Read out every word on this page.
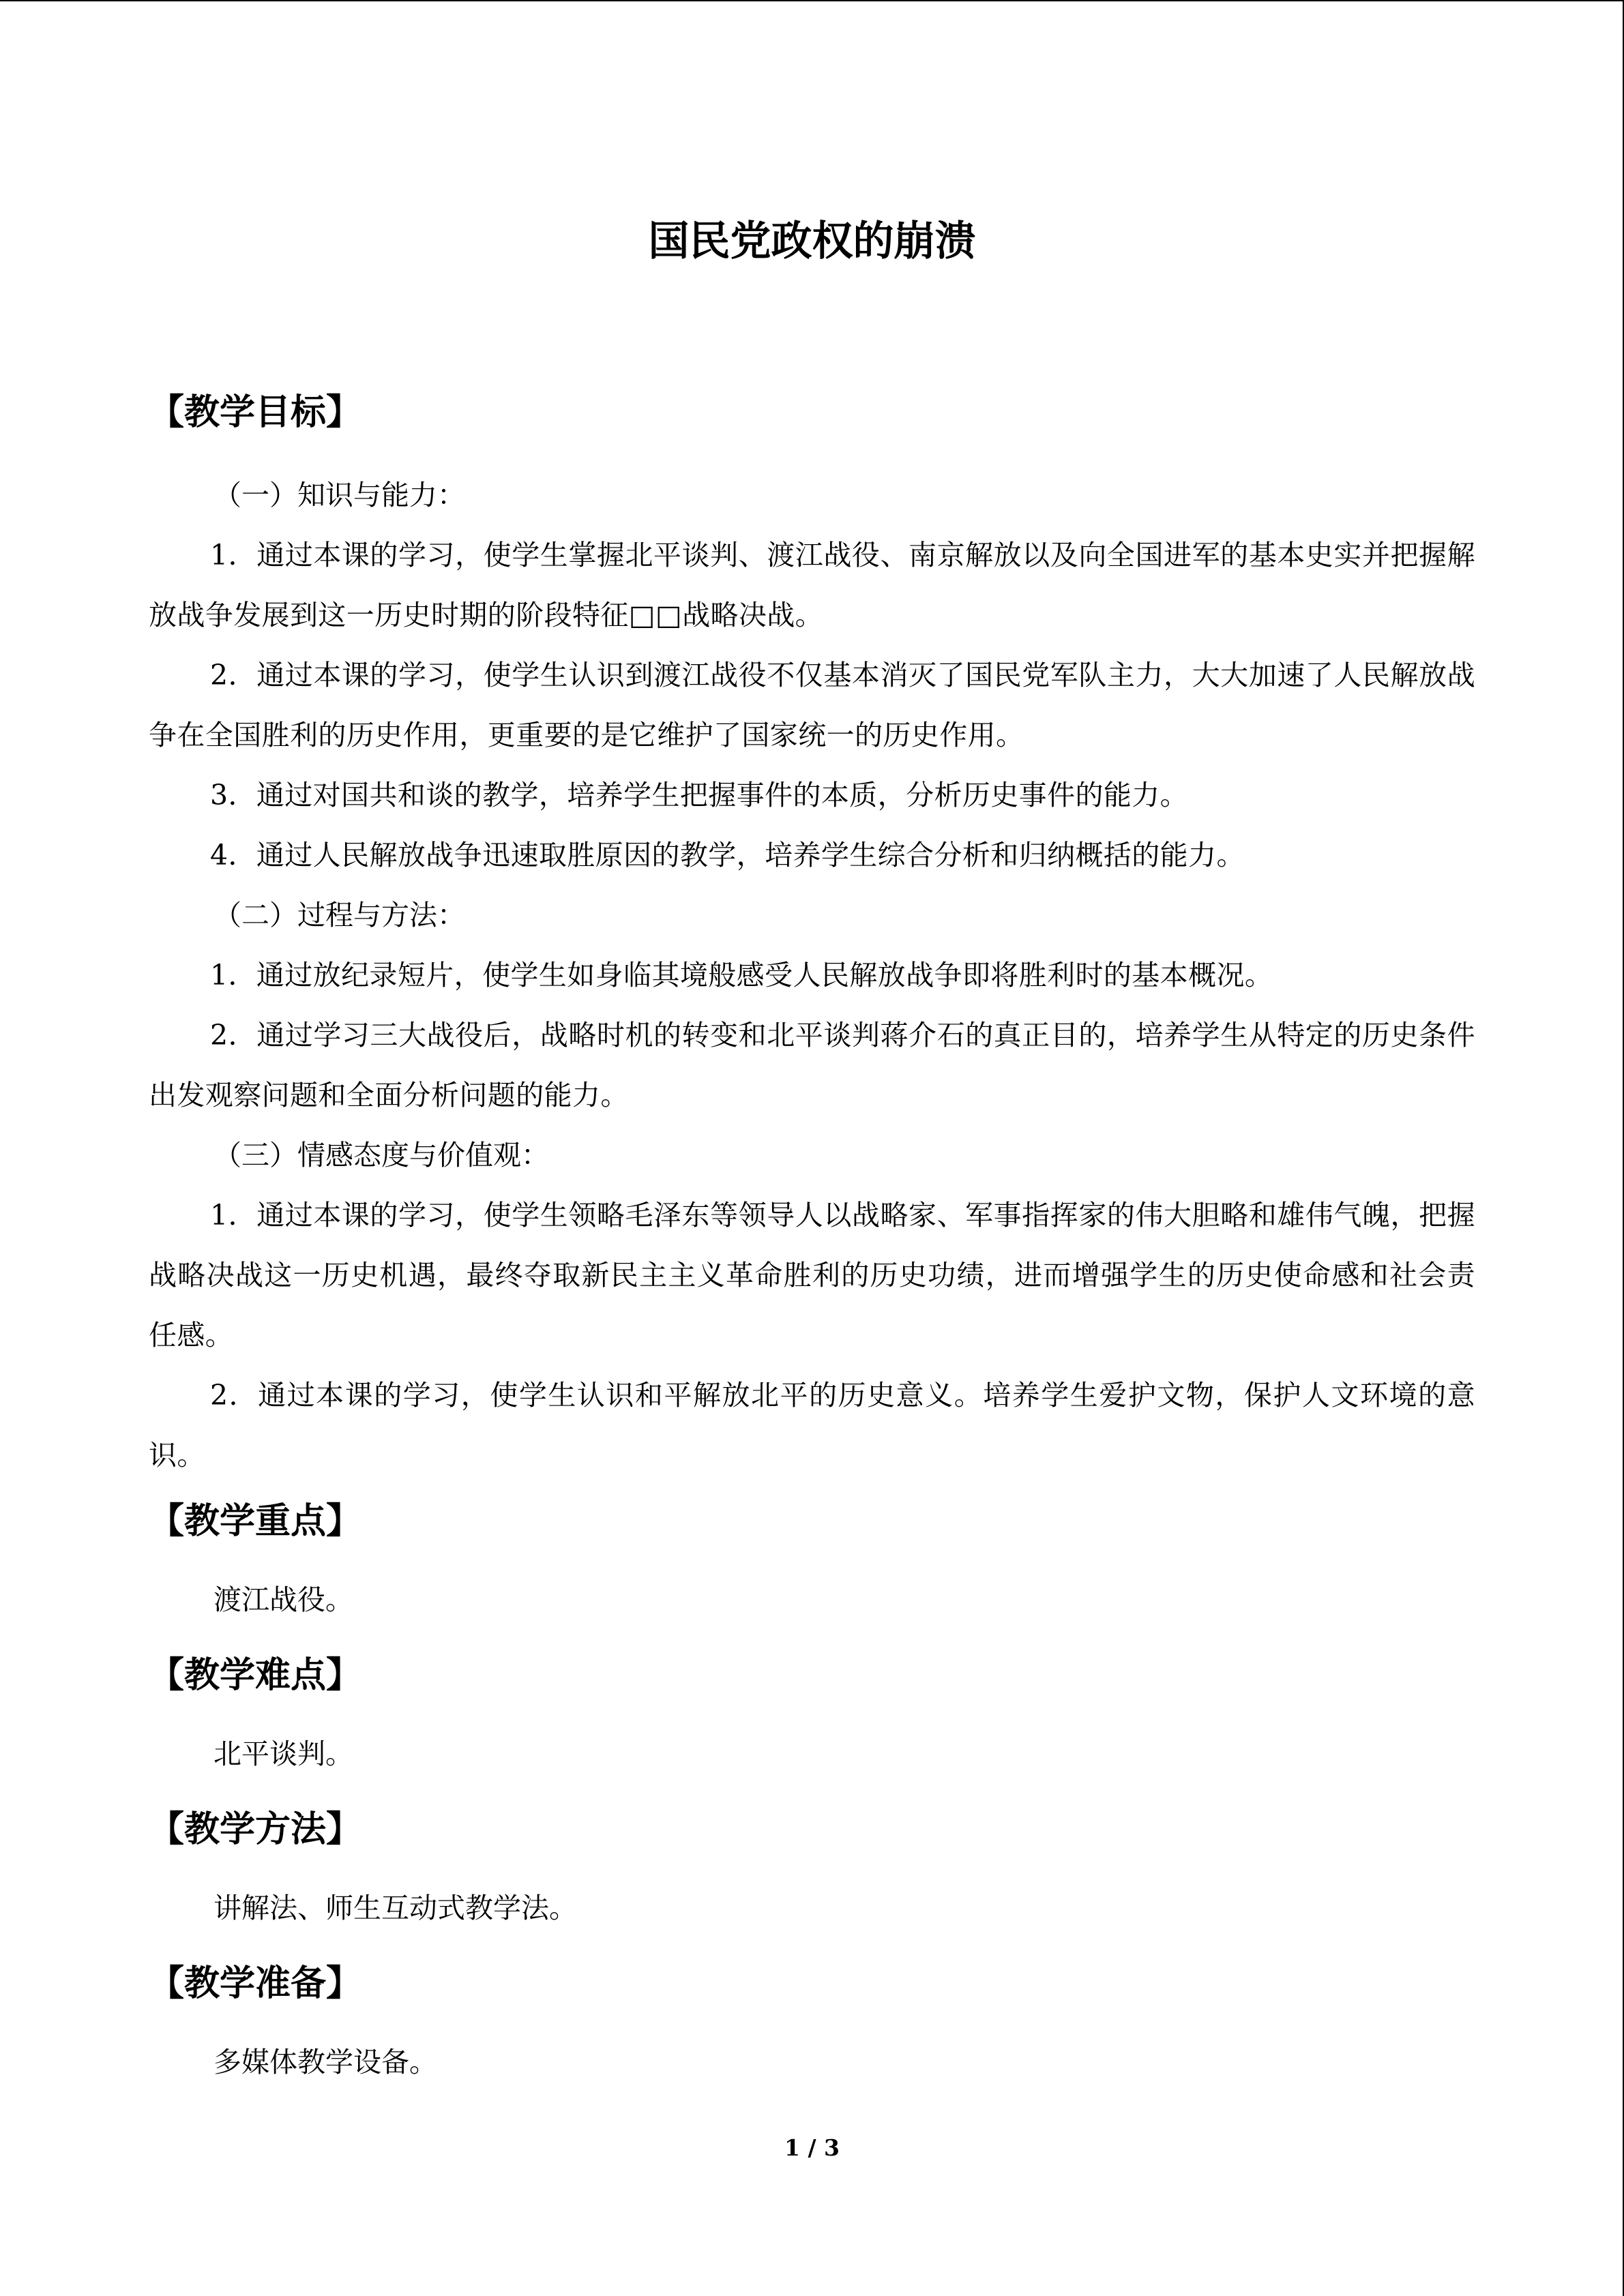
国民党政权的崩溃
【教学目标】

（一）知识与能力：

1．通过本课的学习，使学生掌握北平谈判、渡江战役、南京解放以及向全国进军的基本史实并把握解放战争发展到这一历史时期的阶段特征□□战略决战。

2．通过本课的学习，使学生认识到渡江战役不仅基本消灭了国民党军队主力，大大加速了人民解放战争在全国胜利的历史作用，更重要的是它维护了国家统一的历史作用。

3．通过对国共和谈的教学，培养学生把握事件的本质，分析历史事件的能力。

4．通过人民解放战争迅速取胜原因的教学，培养学生综合分析和归纳概括的能力。

（二）过程与方法：

1．通过放纪录短片，使学生如身临其境般感受人民解放战争即将胜利时的基本概况。

2．通过学习三大战役后，战略时机的转变和北平谈判蒋介石的真正目的，培养学生从特定的历史条件出发观察问题和全面分析问题的能力。

（三）情感态度与价值观：

1．通过本课的学习，使学生领略毛泽东等领导人以战略家、军事指挥家的伟大胆略和雄伟气魄，把握战略决战这一历史机遇，最终夺取新民主主义革命胜利的历史功绩，进而增强学生的历史使命感和社会责任感。

2．通过本课的学习，使学生认识和平解放北平的历史意义。培养学生爱护文物，保护人文环境的意识。

【教学重点】

渡江战役。

【教学难点】

北平谈判。

【教学方法】

讲解法、师生互动式教学法。

【教学准备】

多媒体教学设备。

1 / 3
